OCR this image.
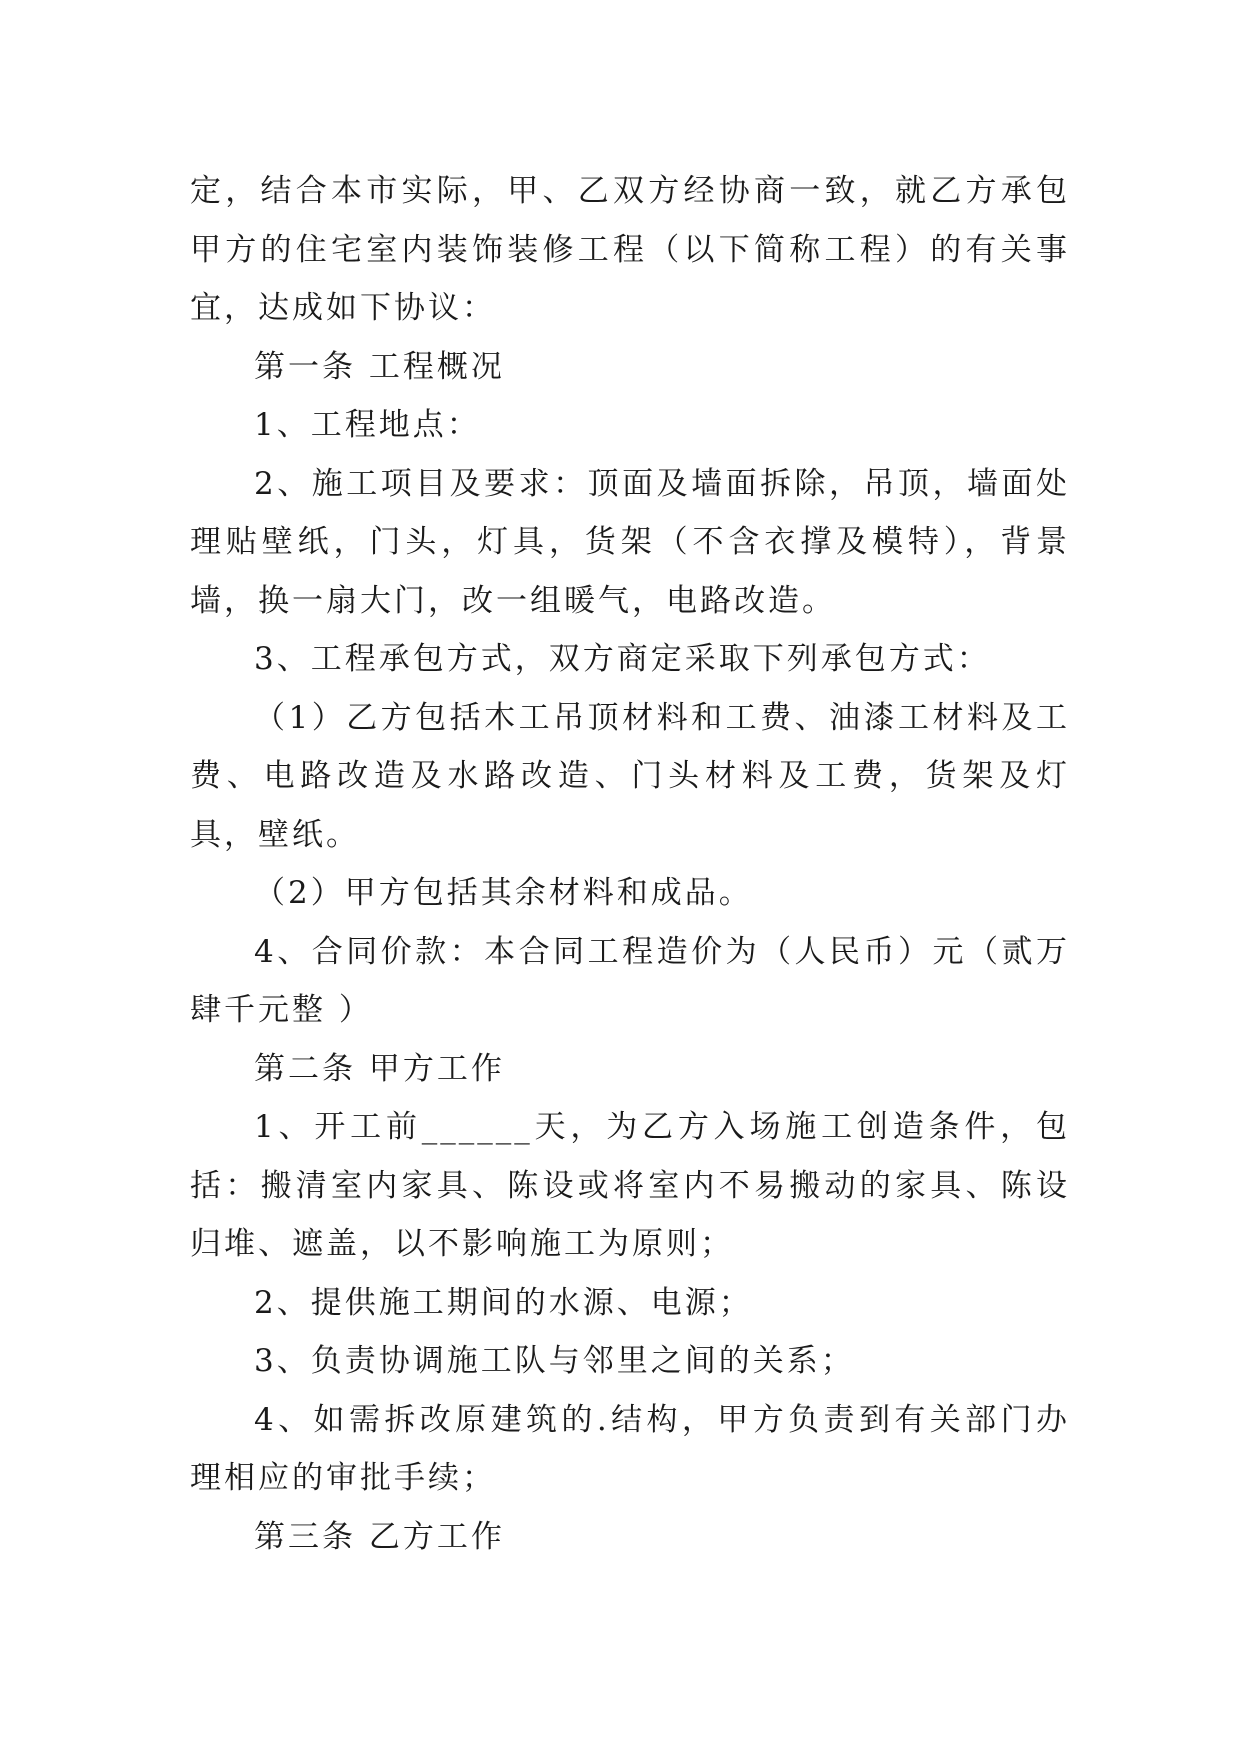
定，结合本市实际，甲、乙双方经协商一致，就乙方承包甲方的住宅室内装饰装修工程（以下简称工程）的有关事宜，达成如下协议：

第一条 工程概况

1、工程地点：

2、施工项目及要求：顶面及墙面拆除，吊顶，墙面处理贴壁纸，门头，灯具，货架（不含衣撑及模特），背景墙，换一扇大门，改一组暖气，电路改造。

3、工程承包方式，双方商定采取下列承包方式：

（1）乙方包括木工吊顶材料和工费、油漆工材料及工费、电路改造及水路改造、门头材料及工费，货架及灯具，壁纸。

（2）甲方包括其余材料和成品。

4、合同价款：本合同工程造价为（人民币）元（贰万肆千元整 ）

第二条 甲方工作

1、开工前______天，为乙方入场施工创造条件，包括：搬清室内家具、陈设或将室内不易搬动的家具、陈设归堆、遮盖，以不影响施工为原则；

2、提供施工期间的水源、电源；

3、负责协调施工队与邻里之间的关系；

4、如需拆改原建筑的.结构，甲方负责到有关部门办理相应的审批手续；

第三条 乙方工作
